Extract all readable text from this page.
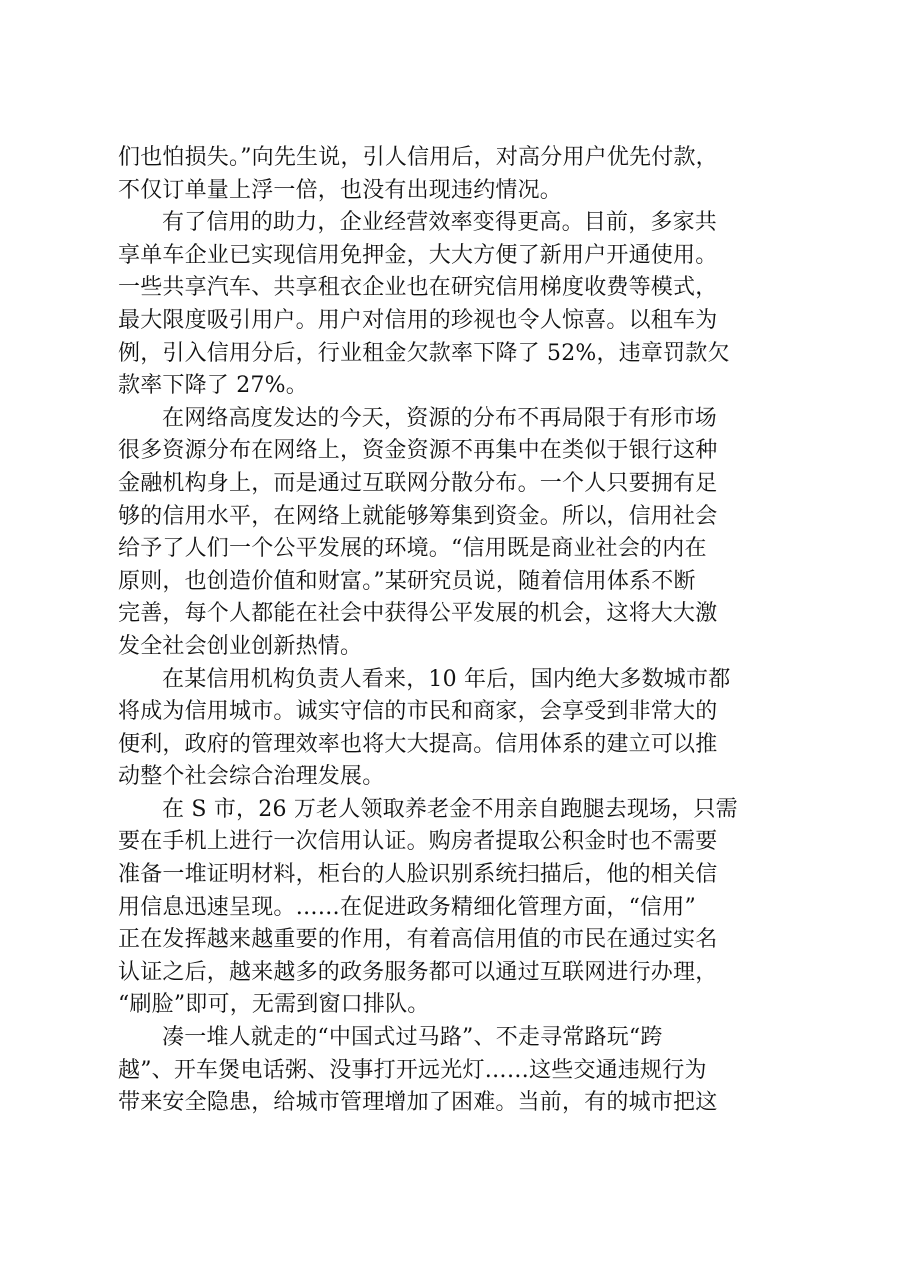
们也怕损失。”向先生说，引人信用后，对高分用户优先付款，
不仅订单量上浮一倍，也没有出现违约情况。
有了信用的助力，企业经营效率变得更高。目前，多家共
享单车企业已实现信用免押金，大大方便了新用户开通使用。
一些共享汽车、共享租衣企业也在研究信用梯度收费等模式，
最大限度吸引用户。用户对信用的珍视也令人惊喜。以租车为
例，引入信用分后，行业租金欠款率下降了 52%，违章罚款欠
款率下降了 27%。
在网络高度发达的今天，资源的分布不再局限于有形市场
很多资源分布在网络上，资金资源不再集中在类似于银行这种
金融机构身上，而是通过互联网分散分布。一个人只要拥有足
够的信用水平，在网络上就能够筹集到资金。所以，信用社会
给予了人们一个公平发展的环境。“信用既是商业社会的内在
原则，也创造价值和财富。”某研究员说，随着信用体系不断
完善，每个人都能在社会中获得公平发展的机会，这将大大激
发全社会创业创新热情。
在某信用机构负责人看来，10 年后，国内绝大多数城市都
将成为信用城市。诚实守信的市民和商家，会享受到非常大的
便利，政府的管理效率也将大大提高。信用体系的建立可以推
动整个社会综合治理发展。
在 S 市，26 万老人领取养老金不用亲自跑腿去现场，只需
要在手机上进行一次信用认证。购房者提取公积金时也不需要
准备一堆证明材料，柜台的人脸识别系统扫描后，他的相关信
用信息迅速呈现。……在促进政务精细化管理方面，“信用”
正在发挥越来越重要的作用，有着高信用值的市民在通过实名
认证之后，越来越多的政务服务都可以通过互联网进行办理，
“刷脸”即可，无需到窗口排队。
凑一堆人就走的“中国式过马路”、不走寻常路玩“跨
越”、开车煲电话粥、没事打开远光灯……这些交通违规行为
带来安全隐患，给城市管理增加了困难。当前，有的城市把这
